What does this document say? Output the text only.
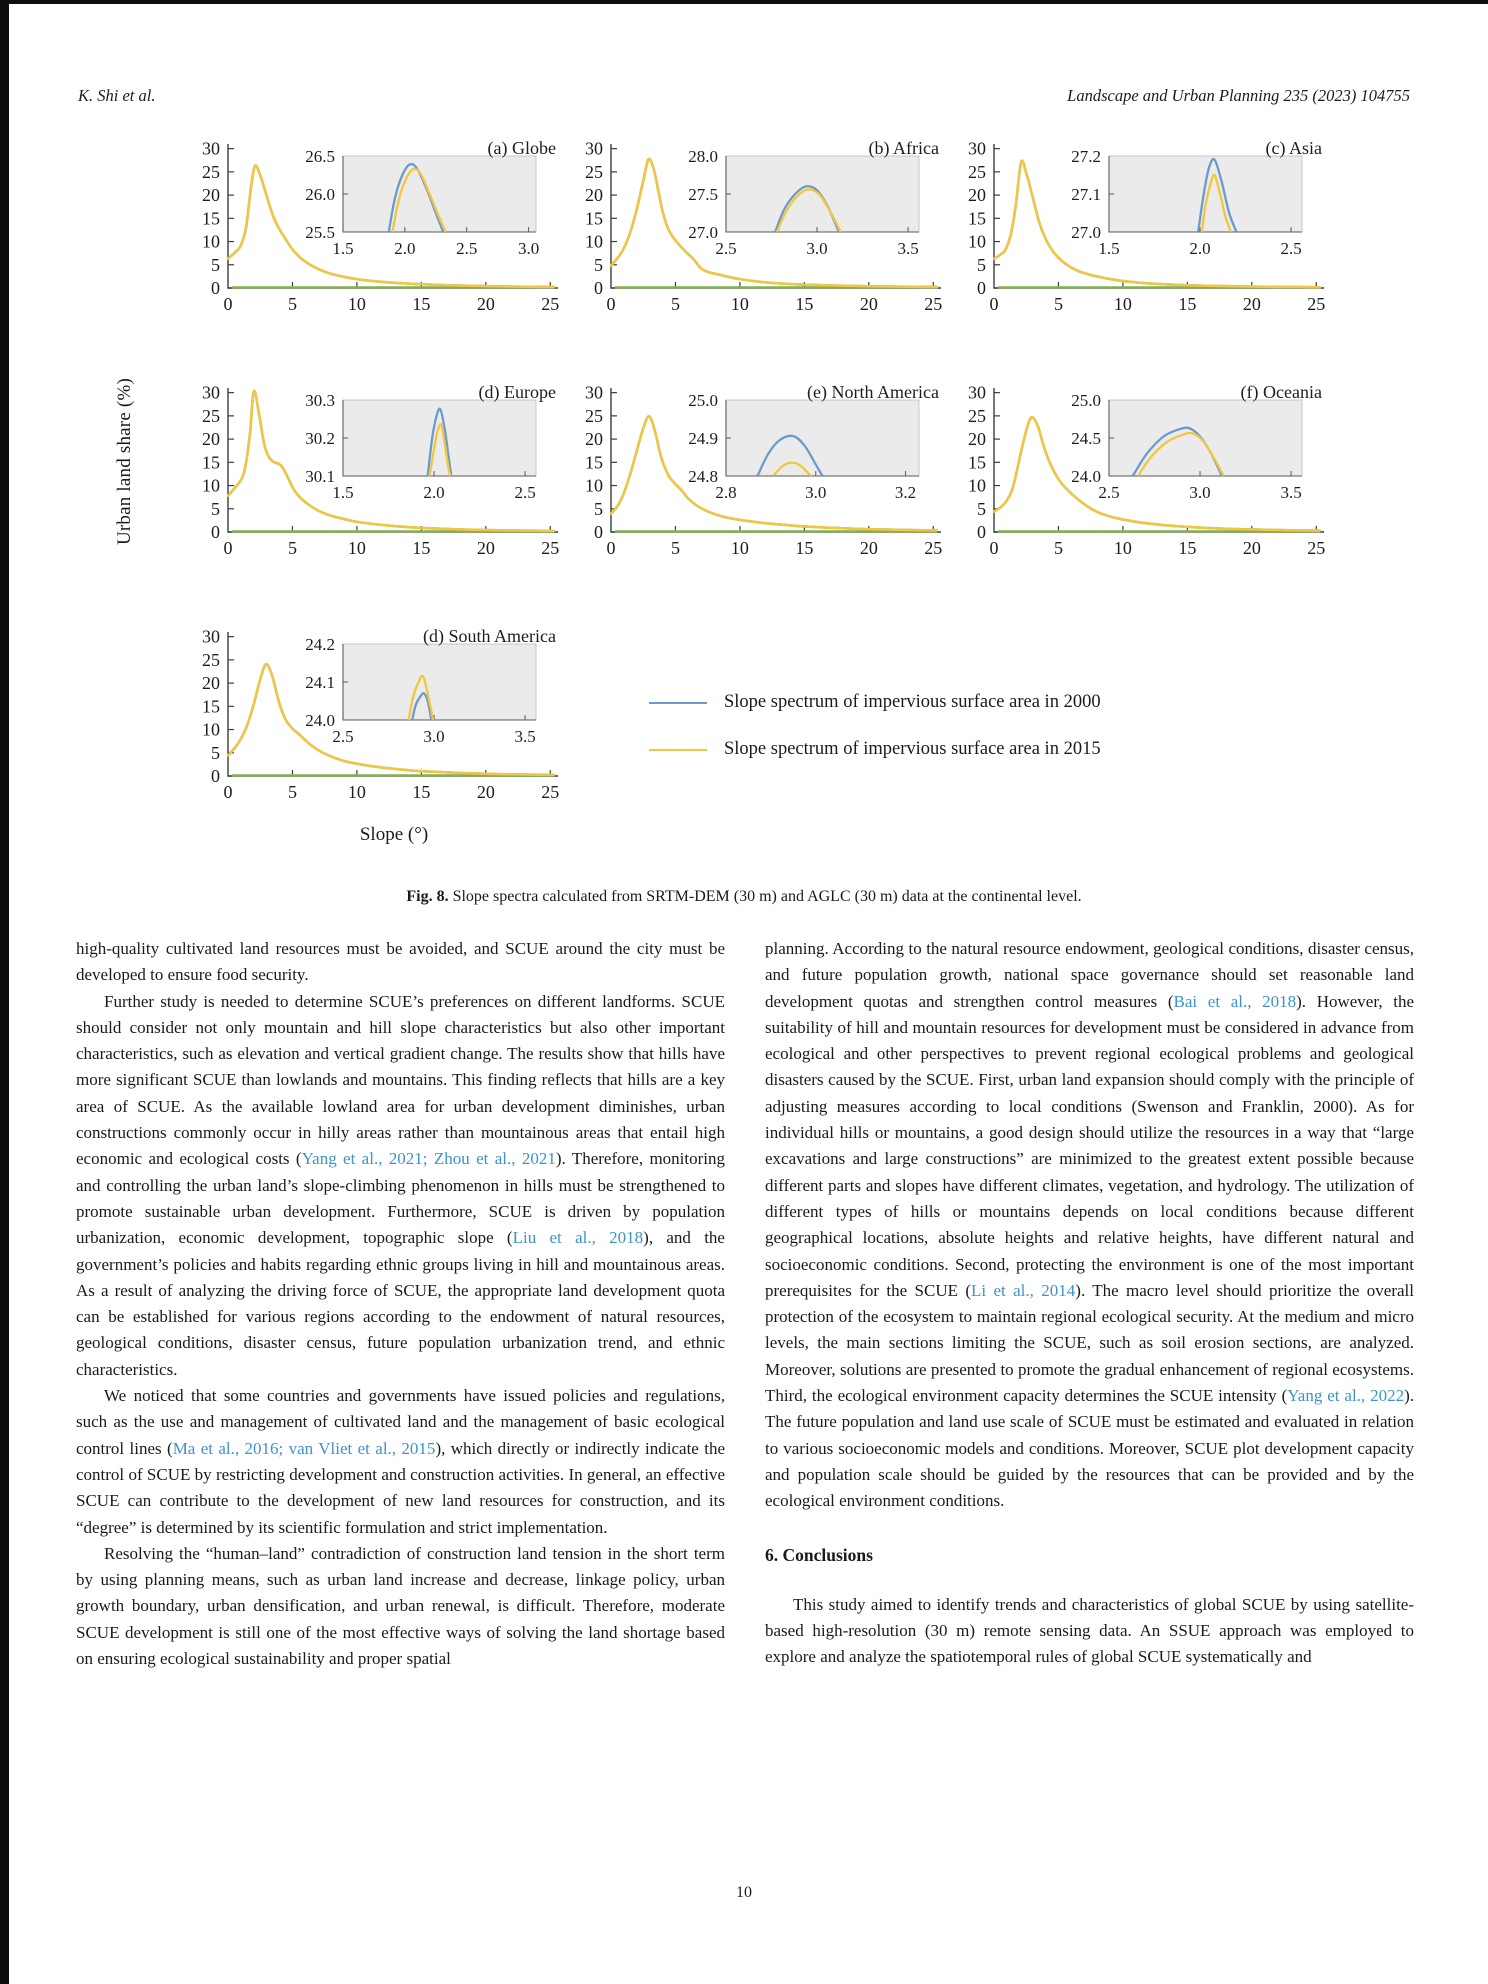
K. Shi et al.	Landscape and Urban Planning 235 (2023) 104755
Urban land share (%)
0
5
10
15
20
25
30
0	5	10	15	20	25
26.5
26.0
25.5
1.5 2.0 2.5 3.0
(a) Globe
0
5
10
15
20
25
30
0	5	10	15	20	25
28.0
27.5
27.0
2.5	3.0	3.5
(b) Africa
0
5
10
15
20
25
30
0	5	10	15	20	25
27.2
27.1
27.0
1.5	2.0	2.5
(c) Asia
0
5
10
15
20
25
30
0	5	10	15	20	25
30.3
30.2
30.1
1.5	2.0	2.5
(d) Europe
0
5
10
15
20
25
30
0	5	10	15	20	25
25.0
24.9
24.8
2.8	3.0	3.2
(e) North America
0
5
10
15
20
25
30
0	5	10	15	20	25
25.0
24.5
24.0
2.5	3.0	3.5
(f) Oceania
0
5
10
15
20
25
30
0	5	10	15	20	25
24.2
24.1
24.0
2.5	3.0	3.5
(d) South America
Slope (°)
Slope spectrum of impervious surface area in 2000
Slope spectrum of impervious surface area in 2015
Fig. 8. Slope spectra calculated from SRTM-DEM (30 m) and AGLC (30 m) data at the continental level.

high-quality cultivated land resources must be avoided, and SCUE around the city must be developed to ensure food security.

Further study is needed to determine SCUE’s preferences on different landforms. SCUE should consider not only mountain and hill slope characteristics but also other important characteristics, such as elevation and vertical gradient change. The results show that hills have more significant SCUE than lowlands and mountains. This finding reflects that hills are a key area of SCUE. As the available lowland area for urban development diminishes, urban constructions commonly occur in hilly areas rather than mountainous areas that entail high economic and ecological costs (Yang et al., 2021; Zhou et al., 2021). Therefore, monitoring and controlling the urban land’s slope-climbing phenomenon in hills must be strengthened to promote sustainable urban development. Furthermore, SCUE is driven by population urbanization, economic development, topographic slope (Liu et al., 2018), and the government’s policies and habits regarding ethnic groups living in hill and mountainous areas. As a result of analyzing the driving force of SCUE, the appropriate land development quota can be established for various regions according to the endowment of natural resources, geological conditions, disaster census, future population urbanization trend, and ethnic characteristics.

We noticed that some countries and governments have issued policies and regulations, such as the use and management of cultivated land and the management of basic ecological control lines (Ma et al., 2016; van Vliet et al., 2015), which directly or indirectly indicate the control of SCUE by restricting development and construction activities. In general, an effective SCUE can contribute to the development of new land resources for construction, and its “degree” is determined by its scientific formulation and strict implementation.

Resolving the “human–land” contradiction of construction land tension in the short term by using planning means, such as urban land increase and decrease, linkage policy, urban growth boundary, urban densification, and urban renewal, is difficult. Therefore, moderate SCUE development is still one of the most effective ways of solving the land shortage based on ensuring ecological sustainability and proper spatial

planning. According to the natural resource endowment, geological conditions, disaster census, and future population growth, national space governance should set reasonable land development quotas and strengthen control measures (Bai et al., 2018). However, the suitability of hill and mountain resources for development must be considered in advance from ecological and other perspectives to prevent regional ecological problems and geological disasters caused by the SCUE. First, urban land expansion should comply with the principle of adjusting measures according to local conditions (Swenson and Franklin, 2000). As for individual hills or mountains, a good design should utilize the resources in a way that “large excavations and large constructions” are minimized to the greatest extent possible because different parts and slopes have different climates, vegetation, and hydrology. The utilization of different types of hills or mountains depends on local conditions because different geographical locations, absolute heights and relative heights, have different natural and socioeconomic conditions. Second, protecting the environment is one of the most important prerequisites for the SCUE (Li et al., 2014). The macro level should prioritize the overall protection of the ecosystem to maintain regional ecological security. At the medium and micro levels, the main sections limiting the SCUE, such as soil erosion sections, are analyzed. Moreover, solutions are presented to promote the gradual enhancement of regional ecosystems. Third, the ecological environment capacity determines the SCUE intensity (Yang et al., 2022). The future population and land use scale of SCUE must be estimated and evaluated in relation to various socioeconomic models and conditions. Moreover, SCUE plot development capacity and population scale should be guided by the resources that can be provided and by the ecological environment conditions.

6. Conclusions

This study aimed to identify trends and characteristics of global SCUE by using satellite-based high-resolution (30 m) remote sensing data. An SSUE approach was employed to explore and analyze the spatiotemporal rules of global SCUE systematically and

10
